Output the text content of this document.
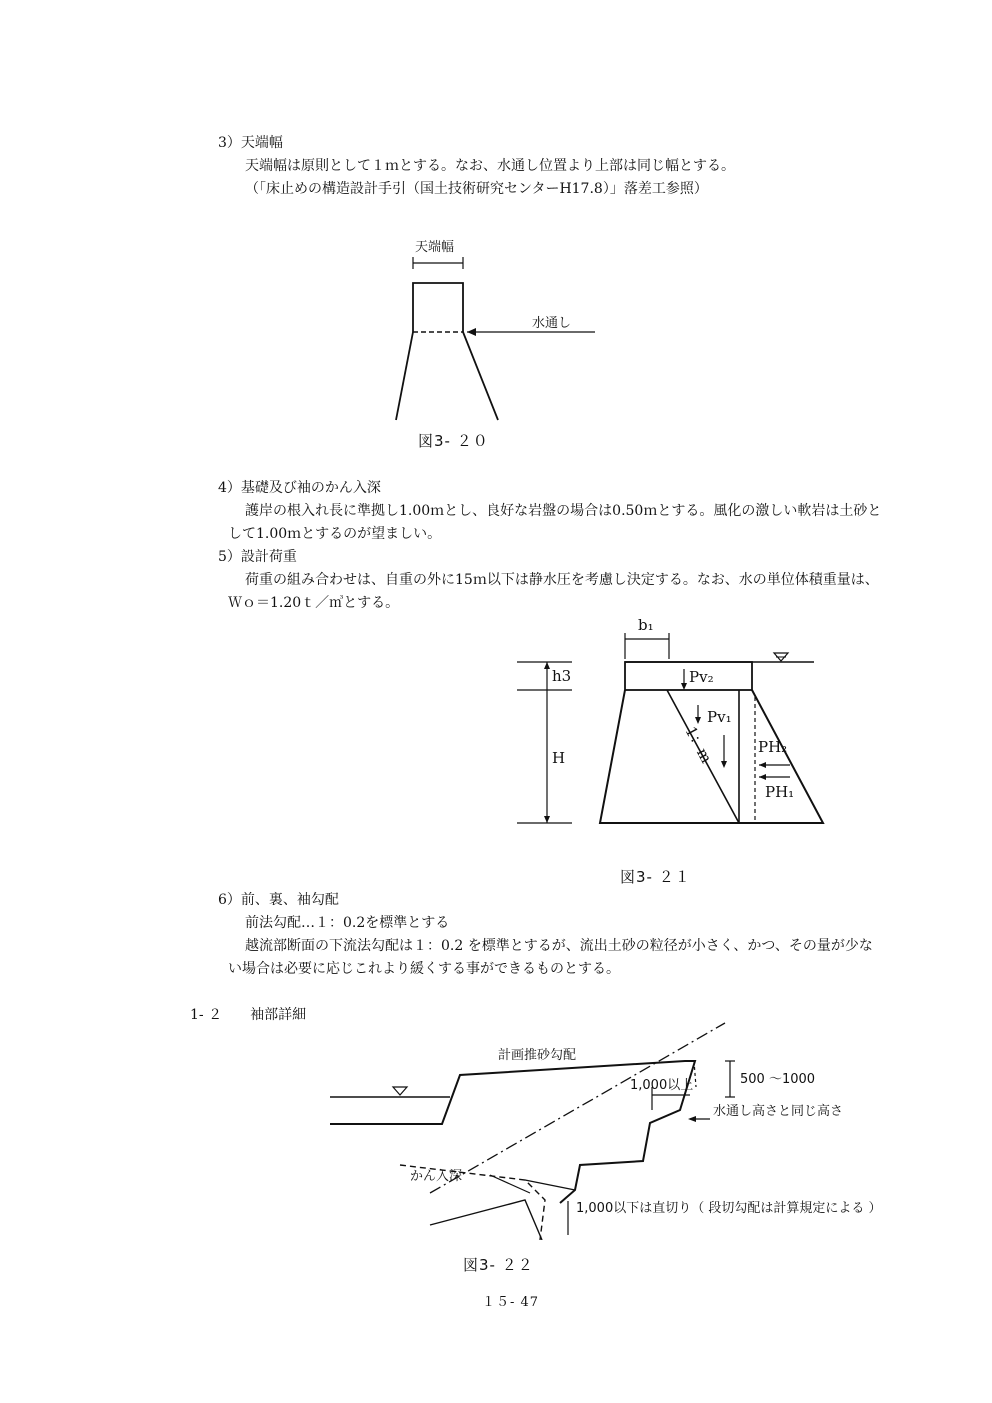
3）天端幅
天端幅は原則として１ｍとする。なお、水通し位置より上部は同じ幅とする。
（「床止めの構造設計手引（国土技術研究センターH17.8）」落差工参照）
天端幅
水通し
図3- ２０
4）基礎及び袖のかん入深
護岸の根入れ長に準拠し1.00ｍとし、良好な岩盤の場合は0.50ｍとする。風化の激しい軟岩は土砂と
して1.00ｍとするのが望ましい。
5）設計荷重
荷重の組み合わせは、自重の外に15ｍ以下は静水圧を考慮し決定する。なお、水の単位体積重量は、
Ｗｏ＝1.20ｔ／㎥とする。
b₁
Pv₂
Pv₁
1：m	PH₂
PH₁
h3
H
図3- ２１
6）前、裏、袖勾配
前法勾配…１：0.2を標準とする
越流部断面の下流法勾配は１：0.2 を標準とするが、流出土砂の粒径が小さく、かつ、その量が少な
い場合は必要に応じこれより緩くする事ができるものとする。
1- ２　　袖部詳細
1,000以上	500 ～1000
水通し高さと同じ高さ
計画推砂勾配
かん入深
1,000以下は直切り（ 段切勾配は計算規定による ）
図3- ２２
１５- 47
